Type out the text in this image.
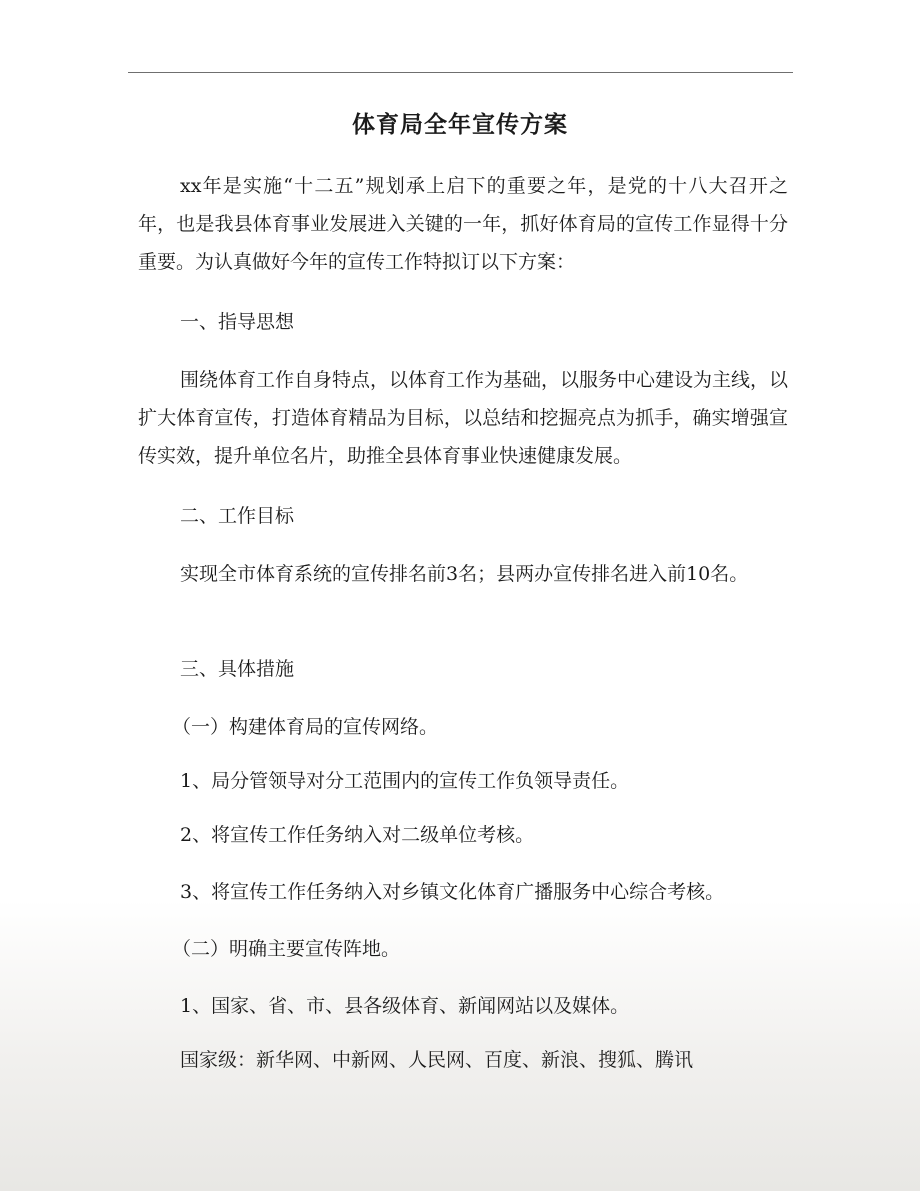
体育局全年宣传方案

xx年是实施“十二五”规划承上启下的重要之年，是党的十八大召开之年，也是我县体育事业发展进入关键的一年，抓好体育局的宣传工作显得十分重要。为认真做好今年的宣传工作特拟订以下方案：

一、指导思想

围绕体育工作自身特点，以体育工作为基础，以服务中心建设为主线，以扩大体育宣传，打造体育精品为目标，以总结和挖掘亮点为抓手，确实增强宣传实效，提升单位名片，助推全县体育事业快速健康发展。

二、工作目标

实现全市体育系统的宣传排名前3名；县两办宣传排名进入前10名。

三、具体措施

（一）构建体育局的宣传网络。

1、局分管领导对分工范围内的宣传工作负领导责任。

2、将宣传工作任务纳入对二级单位考核。

3、将宣传工作任务纳入对乡镇文化体育广播服务中心综合考核。

（二）明确主要宣传阵地。

1、国家、省、市、县各级体育、新闻网站以及媒体。

国家级：新华网、中新网、人民网、百度、新浪、搜狐、腾讯
